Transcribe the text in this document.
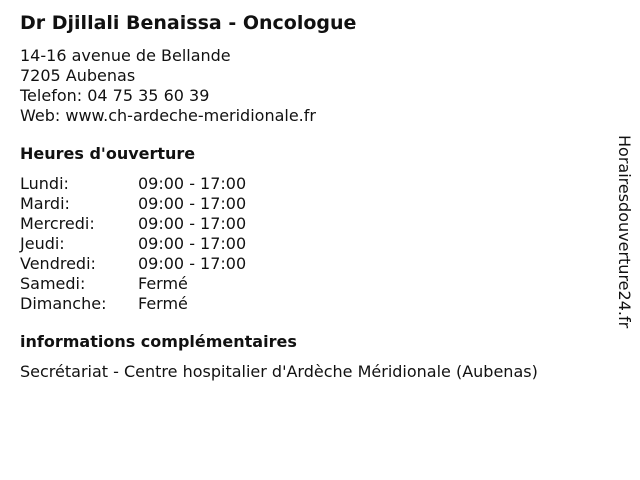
Dr Djillali Benaissa - Oncologue
14-16 avenue de Bellande
7205 Aubenas
Telefon: 04 75 35 60 39
Web: www.ch-ardeche-meridionale.fr
Heures d'ouverture
Lundi:	09:00 - 17:00
Mardi:	09:00 - 17:00
Mercredi:	09:00 - 17:00
Jeudi:	09:00 - 17:00
Vendredi:	09:00 - 17:00
Samedi:	Fermé
Dimanche:	Fermé
informations complémentaires
Secrétariat - Centre hospitalier d'Ardèche Méridionale (Aubenas)
Horairesdouverture24.fr
